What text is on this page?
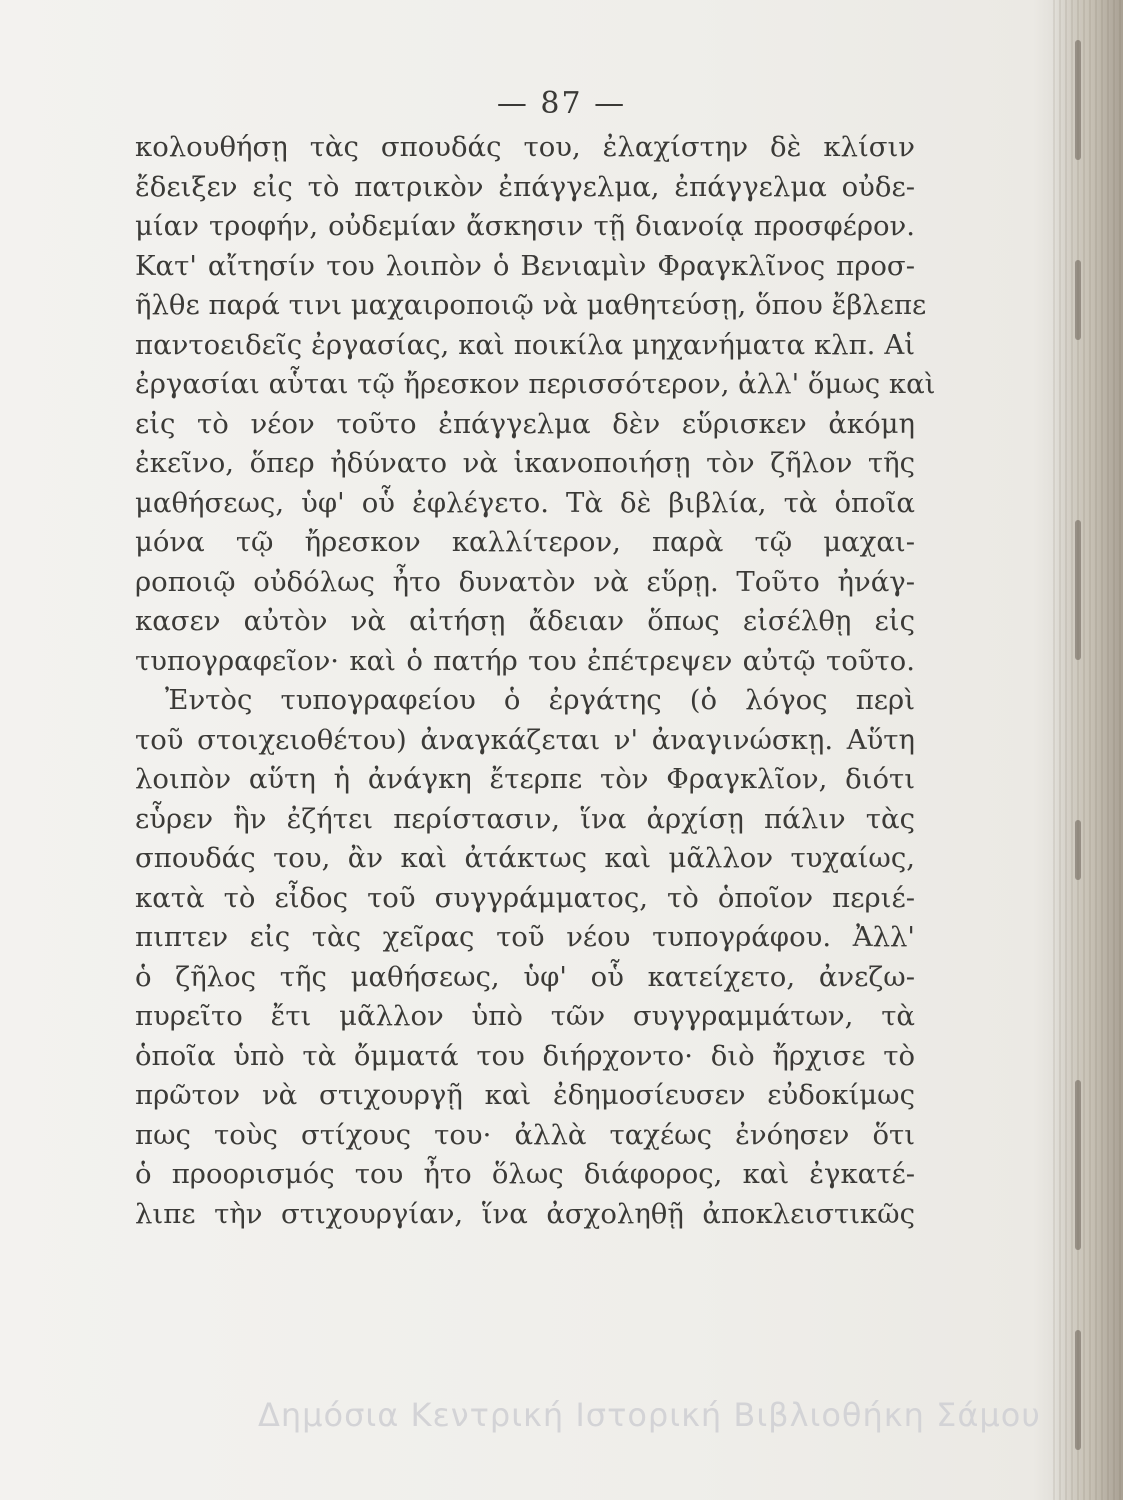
— 87 —
κολουθήσῃ τὰς σπουδάς του, ἐλαχίστην δὲ κλίσιν
ἔδειξεν εἰς τὸ πατρικὸν ἐπάγγελμα, ἐπάγγελμα οὐδε-
μίαν τροφήν, οὐδεμίαν ἄσκησιν τῇ διανοίᾳ προσφέρον.
Κατ' αἴτησίν του λοιπὸν ὁ Βενιαμὶν Φραγκλῖνος προσ-
ῆλθε παρά τινι μαχαιροποιῷ νὰ μαθητεύσῃ, ὅπου ἔβλεπε
παντοειδεῖς ἐργασίας, καὶ ποικίλα μηχανήματα κλπ. Αἱ
ἐργασίαι αὗται τῷ ἤρεσκον περισσότερον, ἀλλ' ὅμως καὶ
εἰς τὸ νέον τοῦτο ἐπάγγελμα δὲν εὕρισκεν ἀκόμη
ἐκεῖνο, ὅπερ ἠδύνατο νὰ ἱκανοποιήσῃ τὸν ζῆλον τῆς
μαθήσεως, ὑφ' οὗ ἐφλέγετο. Τὰ δὲ βιβλία, τὰ ὁποῖα
μόνα τῷ ἤρεσκον καλλίτερον, παρὰ τῷ μαχαι-
ροποιῷ οὐδόλως ἦτο δυνατὸν νὰ εὕρῃ. Τοῦτο ἠνάγ-
κασεν αὐτὸν νὰ αἰτήσῃ ἄδειαν ὅπως εἰσέλθῃ εἰς
τυπογραφεῖον· καὶ ὁ πατήρ του ἐπέτρεψεν αὐτῷ τοῦτο.
Ἐντὸς τυπογραφείου ὁ ἐργάτης (ὁ λόγος περὶ
τοῦ στοιχειοθέτου) ἀναγκάζεται ν' ἀναγινώσκῃ. Αὕτη
λοιπὸν αὕτη ἡ ἀνάγκη ἔτερπε τὸν Φραγκλῖον, διότι
εὗρεν ἣν ἐζήτει περίστασιν, ἵνα ἀρχίσῃ πάλιν τὰς
σπουδάς του, ἂν καὶ ἀτάκτως καὶ μᾶλλον τυχαίως,
κατὰ τὸ εἶδος τοῦ συγγράμματος, τὸ ὁποῖον περιέ-
πιπτεν εἰς τὰς χεῖρας τοῦ νέου τυπογράφου. Ἀλλ'
ὁ ζῆλος τῆς μαθήσεως, ὑφ' οὗ κατείχετο, ἀνεζω-
πυρεῖτο ἔτι μᾶλλον ὑπὸ τῶν συγγραμμάτων, τὰ
ὁποῖα ὑπὸ τὰ ὄμματά του διήρχοντο· διὸ ἤρχισε τὸ
πρῶτον νὰ στιχουργῇ καὶ ἐδημοσίευσεν εὐδοκίμως
πως τοὺς στίχους του· ἀλλὰ ταχέως ἐνόησεν ὅτι
ὁ προορισμός του ἦτο ὅλως διάφορος, καὶ ἐγκατέ-
λιπε τὴν στιχουργίαν, ἵνα ἀσχοληθῇ ἀποκλειστικῶς
Δημόσια Κεντρική Ιστορική Βιβλιοθήκη Σάμου
